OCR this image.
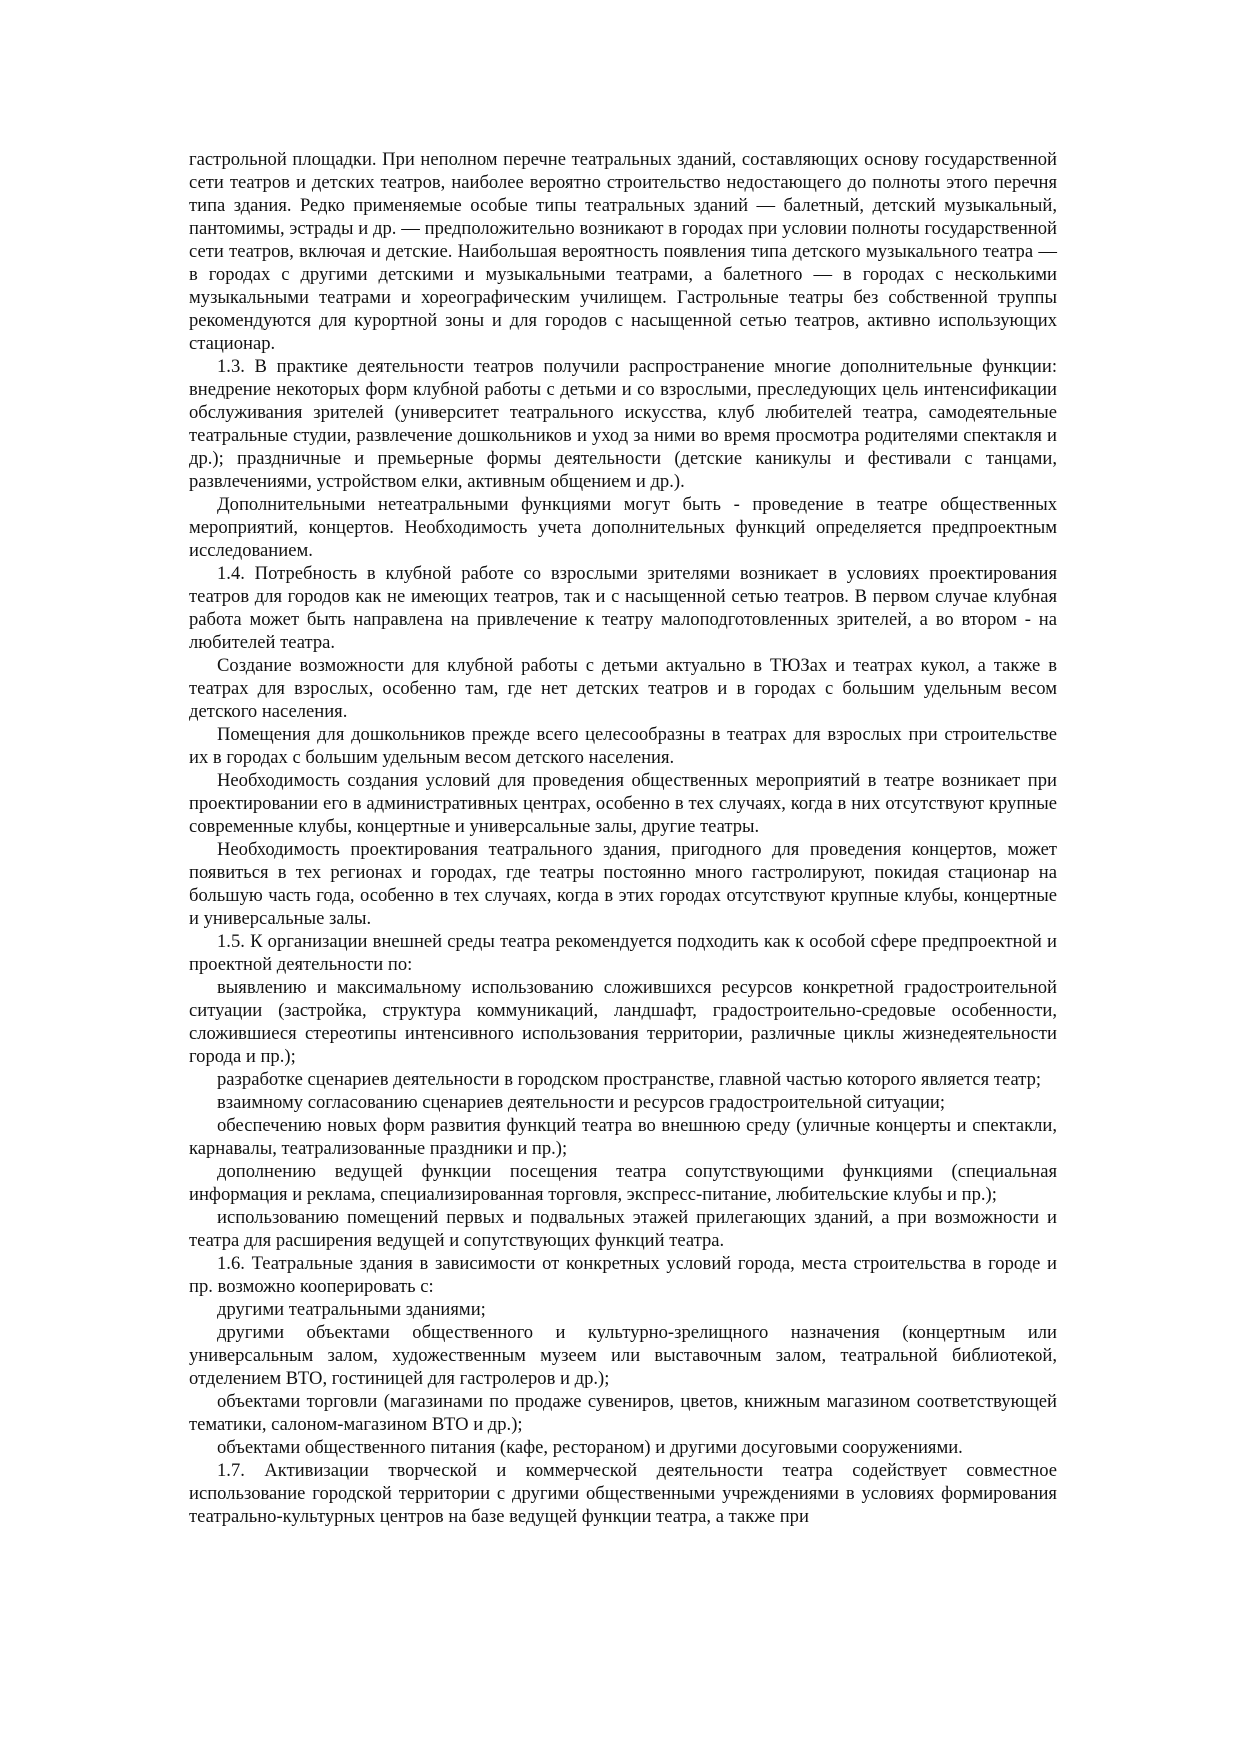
гастрольной площадки. При неполном перечне театральных зданий, составляющих основу государственной сети театров и детских театров, наиболее вероятно строительство недостающего до полноты этого перечня типа здания. Редко применяемые особые типы театральных зданий — балетный, детский музыкальный, пантомимы, эстрады и др. — предположительно возникают в городах при условии полноты государственной сети театров, включая и детские. Наибольшая вероятность появления типа детского музыкального театра — в городах с другими детскими и музыкальными театрами, а балетного — в городах с несколькими музыкальными театрами и хореографическим училищем. Гастрольные театры без собственной труппы рекомендуются для курортной зоны и для городов с насыщенной сетью театров, активно использующих стационар.

1.3. В практике деятельности театров получили распространение многие дополнительные функции: внедрение некоторых форм клубной работы с детьми и со взрослыми, преследующих цель интенсификации обслуживания зрителей (университет театрального искусства, клуб любителей театра, самодеятельные театральные студии, развлечение дошкольников и уход за ними во время просмотра родителями спектакля и др.); праздничные и премьерные формы деятельности (детские каникулы и фестивали с танцами, развлечениями, устройством елки, активным общением и др.).

Дополнительными нетеатральными функциями могут быть - проведение в театре общественных мероприятий, концертов. Необходимость учета дополнительных функций определяется предпроектным исследованием.

1.4. Потребность в клубной работе со взрослыми зрителями возникает в условиях проектирования театров для городов как не имеющих театров, так и с насыщенной сетью театров. В первом случае клубная работа может быть направлена на привлечение к театру малоподготовленных зрителей, а во втором - на любителей театра.

Создание возможности для клубной работы с детьми актуально в ТЮЗах и театрах кукол, а также в театрах для взрослых, особенно там, где нет детских театров и в городах с большим удельным весом детского населения.

Помещения для дошкольников прежде всего целесообразны в театрах для взрослых при строительстве их в городах с большим удельным весом детского населения.

Необходимость создания условий для проведения общественных мероприятий в театре возникает при проектировании его в административных центрах, особенно в тех случаях, когда в них отсутствуют крупные современные клубы, концертные и универсальные залы, другие театры.

Необходимость проектирования театрального здания, пригодного для проведения концертов, может появиться в тех регионах и городах, где театры постоянно много гастролируют, покидая стационар на большую часть года, особенно в тех случаях, когда в этих городах отсутствуют крупные клубы, концертные и универсальные залы.

1.5. К организации внешней среды театра рекомендуется подходить как к особой сфере предпроектной и проектной деятельности по:

выявлению и максимальному использованию сложившихся ресурсов конкретной градостроительной ситуации (застройка, структура коммуникаций, ландшафт, градостроительно-средовые особенности, сложившиеся стереотипы интенсивного использования территории, различные циклы жизнедеятельности города и пр.);

разработке сценариев деятельности в городском пространстве, главной частью которого является театр;

взаимному согласованию сценариев деятельности и ресурсов градостроительной ситуации;

обеспечению новых форм развития функций театра во внешнюю среду (уличные концерты и спектакли, карнавалы, театрализованные праздники и пр.);

дополнению ведущей функции посещения театра сопутствующими функциями (специальная информация и реклама, специализированная торговля, экспресс-питание, любительские клубы и пр.);

использованию помещений первых и подвальных этажей прилегающих зданий, а при возможности и театра для расширения ведущей и сопутствующих функций театра.

1.6. Театральные здания в зависимости от конкретных условий города, места строительства в городе и пр. возможно кооперировать с:

другими театральными зданиями;

другими объектами общественного и культурно-зрелищного назначения (концертным или универсальным залом, художественным музеем или выставочным залом, театральной библиотекой, отделением ВТО, гостиницей для гастролеров и др.);

объектами торговли (магазинами по продаже сувениров, цветов, книжным магазином соответствующей тематики, салоном-магазином ВТО и др.);

объектами общественного питания (кафе, рестораном) и другими досуговыми сооружениями.

1.7. Активизации творческой и коммерческой деятельности театра содействует совместное использование городской территории с другими общественными учреждениями в условиях формирования театрально-культурных центров на базе ведущей функции театра, а также при
